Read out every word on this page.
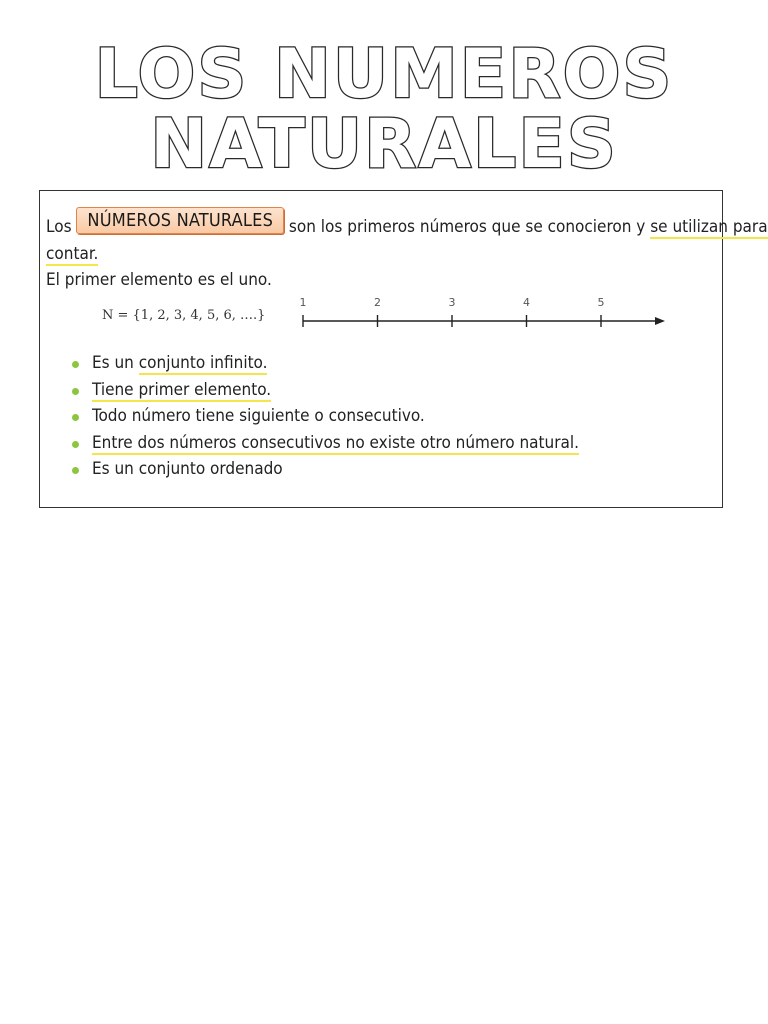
LOS NUMEROS
NATURALES
Los NÚMEROS NATURALES son los primeros números que se conocieron y se utilizan para
contar.
El primer elemento es el uno.
N = {1, 2, 3, 4, 5, 6, ….}
1	2	3	4	5
Es un conjunto infinito.
Tiene primer elemento.
Todo número tiene siguiente o consecutivo.
Entre dos números consecutivos no existe otro número natural.
Es un conjunto ordenado
